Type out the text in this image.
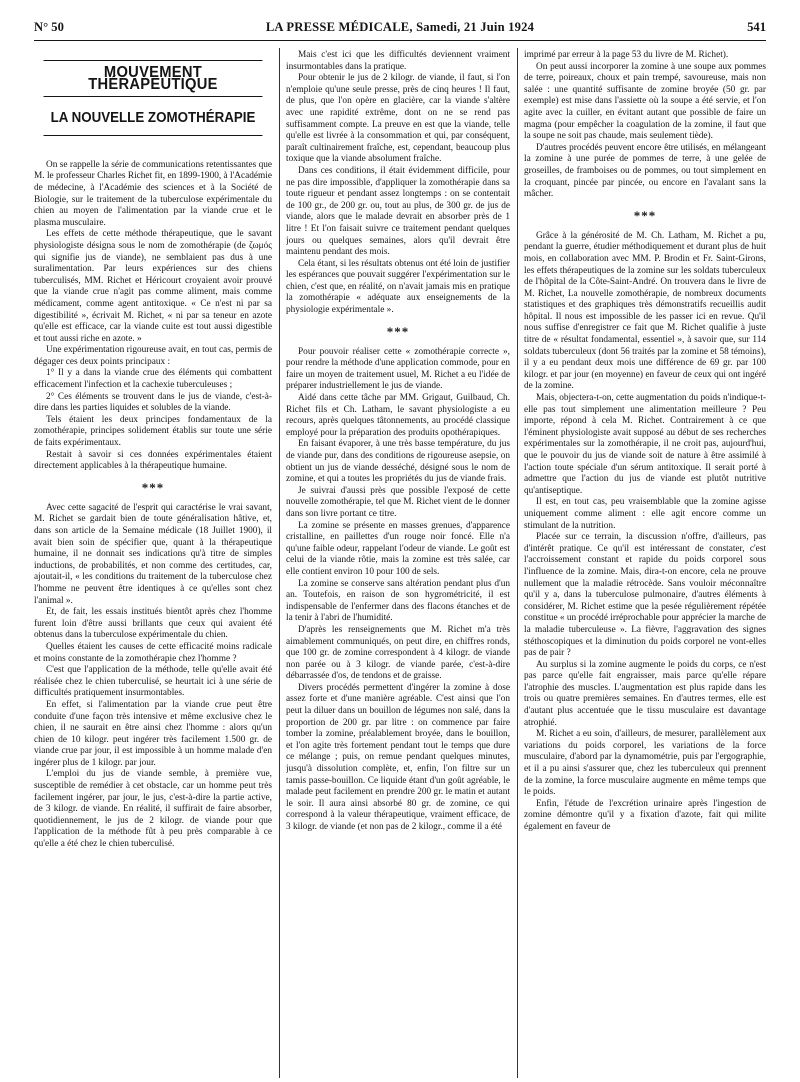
N° 50	LA PRESSE MÉDICALE, Samedi, 21 Juin 1924	541
MOUVEMENT THÉRAPEUTIQUE
LA NOUVELLE ZOMOTHÉRAPIE

On se rappelle la série de communications retentissantes que M. le professeur Charles Richet fit, en 1899-1900, à l'Académie de médecine, à l'Académie des sciences et à la Société de Biologie, sur le traitement de la tuberculose expérimentale du chien au moyen de l'alimentation par la viande crue et le plasma musculaire.

Les effets de cette méthode thérapeutique, que le savant physiologiste désigna sous le nom de zomothérapie (de ζωμός qui signifie jus de viande), ne semblaient pas dus à une suralimentation. Par leurs expériences sur des chiens tuberculisés, MM. Richet et Héricourt croyaient avoir prouvé que la viande crue n'agit pas comme aliment, mais comme médicament, comme agent antitoxique. « Ce n'est ni par sa digestibilité », écrivait M. Richet, « ni par sa teneur en azote qu'elle est efficace, car la viande cuite est tout aussi digestible et tout aussi riche en azote. »

Une expérimentation rigoureuse avait, en tout cas, permis de dégager ces deux points principaux :

1° Il y a dans la viande crue des éléments qui combattent efficacement l'infection et la cachexie tuberculeuses ;

2° Ces éléments se trouvent dans le jus de viande, c'est-à-dire dans les parties liquides et solubles de la viande.

Tels étaient les deux principes fondamentaux de la zomothérapie, principes solidement établis sur toute une série de faits expérimentaux.

Restait à savoir si ces données expérimentales étaient directement applicables à la thérapeutique humaine.

***

Avec cette sagacité de l'esprit qui caractérise le vrai savant, M. Richet se gardait bien de toute généralisation hâtive, et, dans son article de la Semaine médicale (18 Juillet 1900), il avait bien soin de spécifier que, quant à la thérapeutique humaine, il ne donnait ses indications qu'à titre de simples inductions, de probabilités, et non comme des certitudes, car, ajoutait-il, « les conditions du traitement de la tuberculose chez l'homme ne peuvent être identiques à ce qu'elles sont chez l'animal ».

Et, de fait, les essais institués bientôt après chez l'homme furent loin d'être aussi brillants que ceux qui avaient été obtenus dans la tuberculose expérimentale du chien.

Quelles étaient les causes de cette efficacité moins radicale et moins constante de la zomothérapie chez l'homme ?

C'est que l'application de la méthode, telle qu'elle avait été réalisée chez le chien tuberculisé, se heurtait ici à une série de difficultés pratiquement insurmontables.

En effet, si l'alimentation par la viande crue peut être conduite d'une façon très intensive et même exclusive chez le chien, il ne saurait en être ainsi chez l'homme : alors qu'un chien de 10 kilogr. peut ingérer très facilement 1.500 gr. de viande crue par jour, il est impossible à un homme malade d'en ingérer plus de 1 kilogr. par jour.

L'emploi du jus de viande semble, à première vue, susceptible de remédier à cet obstacle, car un homme peut très facilement ingérer, par jour, le jus, c'est-à-dire la partie active, de 3 kilogr. de viande. En réalité, il suffirait de faire absorber, quotidiennement, le jus de 2 kilogr. de viande pour que l'application de la méthode fût à peu près comparable à ce qu'elle a été chez le chien tuberculisé.

Mais c'est ici que les difficultés deviennent vraiment insurmontables dans la pratique.

Pour obtenir le jus de 2 kilogr. de viande, il faut, si l'on n'emploie qu'une seule presse, près de cinq heures ! Il faut, de plus, que l'on opère en glacière, car la viande s'altère avec une rapidité extrême, dont on ne se rend pas suffisamment compte. La preuve en est que la viande, telle qu'elle est livrée à la consommation et qui, par conséquent, paraît cultinairement fraîche, est, cependant, beaucoup plus toxique que la viande absolument fraîche.

Dans ces conditions, il était évidemment difficile, pour ne pas dire impossible, d'appliquer la zomothérapie dans sa toute rigueur et pendant assez longtemps : on se contentait de 100 gr., de 200 gr. ou, tout au plus, de 300 gr. de jus de viande, alors que le malade devrait en absorber près de 1 litre ! Et l'on faisait suivre ce traitement pendant quelques jours ou quelques semaines, alors qu'il devrait être maintenu pendant des mois.

Cela étant, si les résultats obtenus ont été loin de justifier les espérances que pouvait suggérer l'expérimentation sur le chien, c'est que, en réalité, on n'avait jamais mis en pratique la zomothérapie « adéquate aux enseignements de la physiologie expérimentale ».

***

Pour pouvoir réaliser cette « zomothérapie correcte », pour rendre la méthode d'une application commode, pour en faire un moyen de traitement usuel, M. Richet a eu l'idée de préparer industriellement le jus de viande.

Aidé dans cette tâche par MM. Grigaut, Guilbaud, Ch. Richet fils et Ch. Latham, le savant physiologiste a eu recours, après quelques tâtonnements, au procédé classique employé pour la préparation des produits opothérapiques.

En faisant évaporer, à une très basse température, du jus de viande pur, dans des conditions de rigoureuse asepsie, on obtient un jus de viande desséché, désigné sous le nom de zomine, et qui a toutes les propriétés du jus de viande frais.

Je suivrai d'aussi près que possible l'exposé de cette nouvelle zomothérapie, tel que M. Richet vient de le donner dans son livre portant ce titre.

La zomine se présente en masses grenues, d'apparence cristalline, en paillettes d'un rouge noir foncé. Elle n'a qu'une faible odeur, rappelant l'odeur de viande. Le goût est celui de la viande rôtie, mais la zomine est très salée, car elle contient environ 10 pour 100 de sels.

La zomine se conserve sans altération pendant plus d'un an. Toutefois, en raison de son hygrométricité, il est indispensable de l'enfermer dans des flacons étanches et de la tenir à l'abri de l'humidité.

D'après les renseignements que M. Richet m'a très aimablement communiqués, on peut dire, en chiffres ronds, que 100 gr. de zomine correspondent à 4 kilogr. de viande non parée ou à 3 kilogr. de viande parée, c'est-à-dire débarrassée d'os, de tendons et de graisse.

Divers procédés permettent d'ingérer la zomine à dose assez forte et d'une manière agréable. C'est ainsi que l'on peut la diluer dans un bouillon de légumes non salé, dans la proportion de 200 gr. par litre : on commence par faire tomber la zomine, préalablement broyée, dans le bouillon, et l'on agite très fortement pendant tout le temps que dure ce mélange ; puis, on remue pendant quelques minutes, jusqu'à dissolution complète, et, enfin, l'on filtre sur un tamis passe-bouillon. Ce liquide étant d'un goût agréable, le malade peut facilement en prendre 200 gr. le matin et autant le soir. Il aura ainsi absorbé 80 gr. de zomine, ce qui correspond à la valeur thérapeutique, vraiment efficace, de 3 kilogr. de viande (et non pas de 2 kilogr., comme il a été

imprimé par erreur à la page 53 du livre de M. Richet).

On peut aussi incorporer la zomine à une soupe aux pommes de terre, poireaux, choux et pain trempé, savoureuse, mais non salée : une quantité suffisante de zomine broyée (50 gr. par exemple) est mise dans l'assiette où la soupe a été servie, et l'on agite avec la cuiller, en évitant autant que possible de faire un magma (pour empêcher la coagulation de la zomine, il faut que la soupe ne soit pas chaude, mais seulement tiède).

D'autres procédés peuvent encore être utilisés, en mélangeant la zomine à une purée de pommes de terre, à une gelée de groseilles, de framboises ou de pommes, ou tout simplement en la croquant, pincée par pincée, ou encore en l'avalant sans la mâcher.

***

Grâce à la générosité de M. Ch. Latham, M. Richet a pu, pendant la guerre, étudier méthodiquement et durant plus de huit mois, en collaboration avec MM. P. Brodin et Fr. Saint-Girons, les effets thérapeutiques de la zomine sur les soldats tuberculeux de l'hôpital de la Côte-Saint-André. On trouvera dans le livre de M. Richet, La nouvelle zomothérapie, de nombreux documents statistiques et des graphiques très démonstratifs recueillis audit hôpital. Il nous est impossible de les passer ici en revue. Qu'il nous suffise d'enregistrer ce fait que M. Richet qualifie à juste titre de « résultat fondamental, essentiel », à savoir que, sur 114 soldats tuberculeux (dont 56 traités par la zomine et 58 témoins), il y a eu pendant deux mois une différence de 69 gr. par 100 kilogr. et par jour (en moyenne) en faveur de ceux qui ont ingéré de la zomine.

Mais, objectera-t-on, cette augmentation du poids n'indique-t-elle pas tout simplement une alimentation meilleure ? Peu importe, répond à cela M. Richet. Contrairement à ce que l'éminent physiologiste avait supposé au début de ses recherches expérimentales sur la zomothérapie, il ne croit pas, aujourd'hui, que le pouvoir du jus de viande soit de nature à être assimilé à l'action toute spéciale d'un sérum antitoxique. Il serait porté à admettre que l'action du jus de viande est plutôt nutritive qu'antiseptique.

Il est, en tout cas, peu vraisemblable que la zomine agisse uniquement comme aliment : elle agit encore comme un stimulant de la nutrition.

Placée sur ce terrain, la discussion n'offre, d'ailleurs, pas d'intérêt pratique. Ce qu'il est intéressant de constater, c'est l'accroissement constant et rapide du poids corporel sous l'influence de la zomine. Mais, dira-t-on encore, cela ne prouve nullement que la maladie rétrocède. Sans vouloir méconnaître qu'il y a, dans la tuberculose pulmonaire, d'autres éléments à considérer, M. Richet estime que la pesée régulièrement répétée constitue « un procédé irréprochable pour apprécier la marche de la maladie tuberculeuse ». La fièvre, l'aggravation des signes stéthoscopiques et la diminution du poids corporel ne vont-elles pas de pair ?

Au surplus si la zomine augmente le poids du corps, ce n'est pas parce qu'elle fait engraisser, mais parce qu'elle répare l'atrophie des muscles. L'augmentation est plus rapide dans les trois ou quatre premières semaines. En d'autres termes, elle est d'autant plus accentuée que le tissu musculaire est davantage atrophié.

M. Richet a eu soin, d'ailleurs, de mesurer, parallèlement aux variations du poids corporel, les variations de la force musculaire, d'abord par la dynamométrie, puis par l'ergographie, et il a pu ainsi s'assurer que, chez les tuberculeux qui prennent de la zomine, la force musculaire augmente en même temps que le poids.

Enfin, l'étude de l'excrétion urinaire après l'ingestion de zomine démontre qu'il y a fixation d'azote, fait qui milite également en faveur de
